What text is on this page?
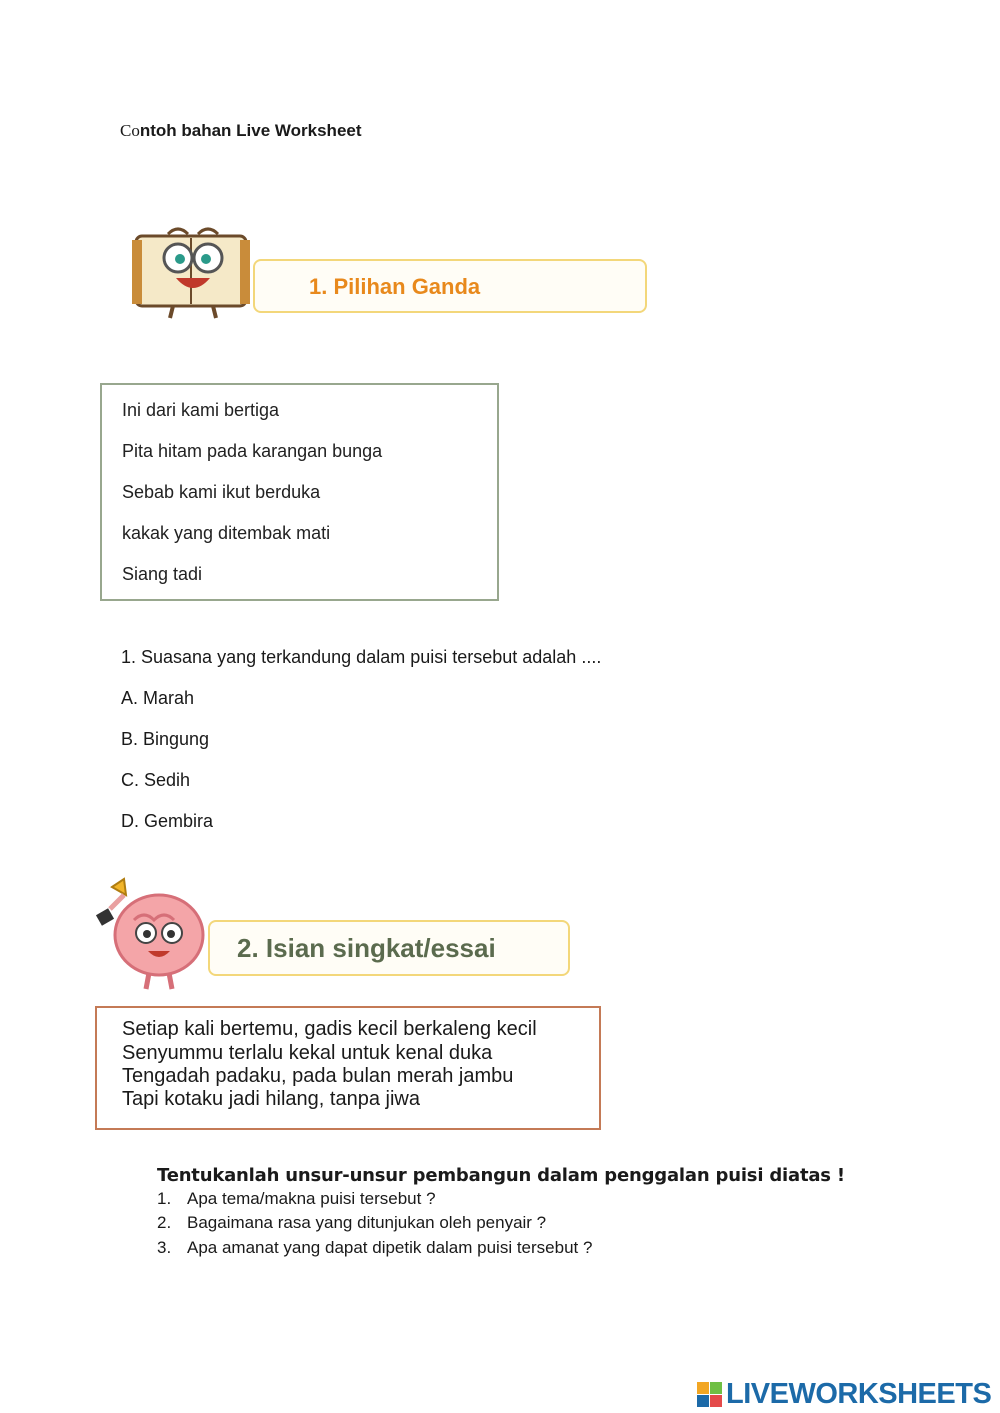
Contoh bahan Live Worksheet
1. Pilihan Ganda
Ini dari kami bertiga
Pita hitam pada karangan bunga
Sebab kami ikut berduka
kakak yang ditembak mati
Siang tadi
1. Suasana yang terkandung dalam puisi tersebut adalah ....
A. Marah
B. Bingung
C. Sedih
D. Gembira
2. Isian singkat/essai
Setiap kali bertemu, gadis kecil berkaleng kecil
Senyummu terlalu kekal untuk kenal duka
Tengadah padaku, pada bulan merah jambu
Tapi kotaku jadi hilang, tanpa jiwa
Tentukanlah unsur-unsur pembangun dalam penggalan puisi diatas !
1. Apa tema/makna puisi tersebut ?
2. Bagaimana rasa yang ditunjukan oleh penyair ?
3. Apa amanat yang dapat dipetik dalam puisi tersebut ?
LIVEWORKSHEETS
